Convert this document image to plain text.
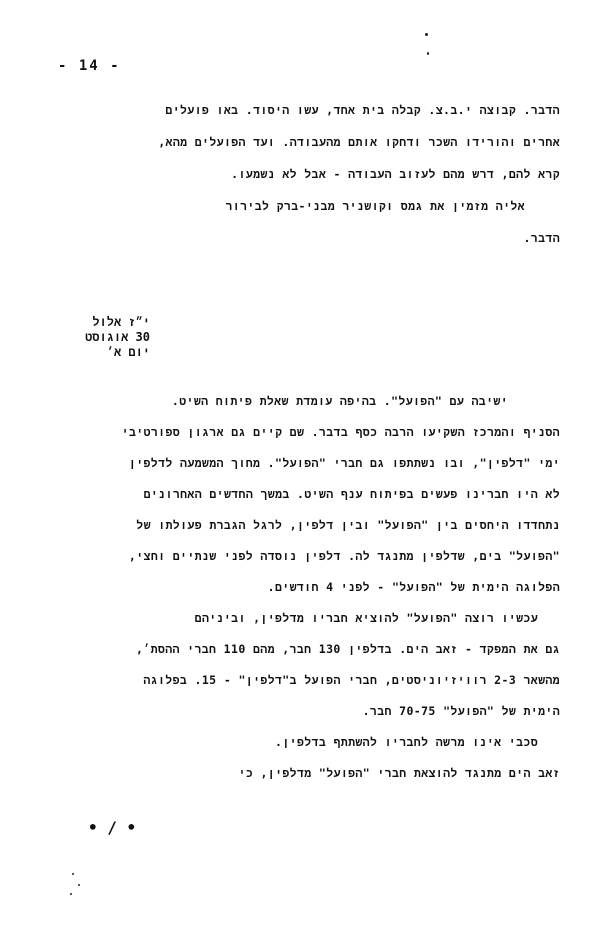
- 14 -
הדבר. קבוצה י.ב.צ. קבלה בית אחד, עשו היסוד. באו פועלים
אחרים והורידו השכר ודחקו אותם מהעבודה. ועד הפועלים מהא,
קרא להם, דרש מהם לעזוב העבודה - אבל לא נשמעו.
אליה מזמין את גמס וקושניר מבני-ברק לבירור
הדבר.
י״ז אלול
30 אוגוסט
יום א׳
ישיבה עם "הפועל". בהיפה עומדת שאלת פיתוח השיט.
הסניף והמרכז השקיעו הרבה כסף בדבר. שם קיים גם ארגון ספורטיבי
ימי "דלפין", ובו נשתתפו גם חברי "הפועל". מחוך המשמעה לדלפין
לא היו חברינו פעשים בפיתוח ענף השיט. במשך החדשים האחרונים
נתחדדו היחסים בין "הפועל" ובין דלפין, לרגל הגברת פעולתו של
"הפועל" בים, שדלפין מתנגד לה. דלפין נוסדה לפני שנתיים וחצי,
הפלוגה הימית של "הפועל" - לפני 4 חודשים.
עכשיו רוצה "הפועל" להוציא חבריו מדלפין, וביניהם
גם את המפקד - זאב הים. בדלפין 130 חבר, מהם 110 חברי ההסת׳,
מהשאר 2-3 רוויזיוניסטים, חברי הפועל ב"דלפין" - 15. בפלוגה
הימית של "הפועל" 70-75 חבר.
סכבי אינו מרשה לחבריו להשתתף בדלפין.
זאב הים מתנגד להוצאת חברי "הפועל" מדלפין, כי
• / •
